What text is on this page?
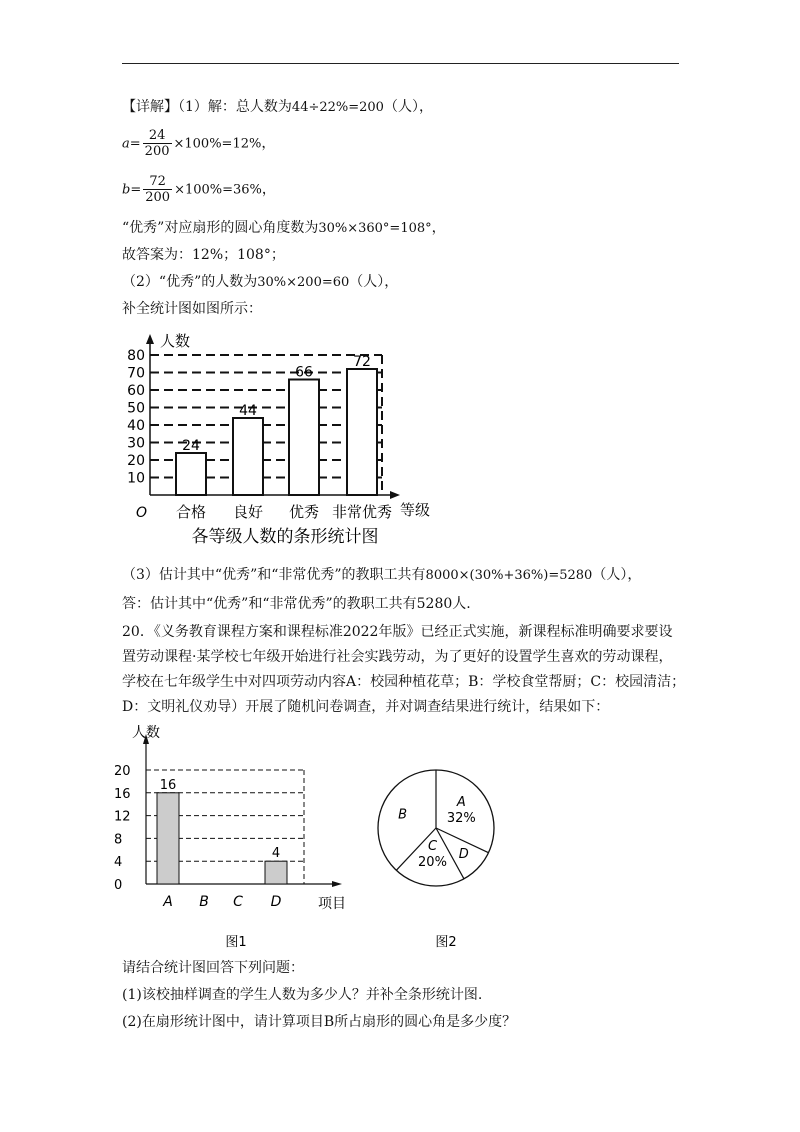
【详解】（1）解：总人数为44÷22%=200（人），
$a= \frac{24}{200} \times 100\%=12\%$，
$b= \frac{72}{200} \times 100\%=36\%$，
“优秀”对应扇形的圆心角度数为30%×360°=108°，
故答案为：12%；108°；
（2）“优秀”的人数为30%×200=60（人），
补全统计图如图所示：
10
20
30
40
50
60
70
80
人数
等级
O
24
合格
44
良好
66
优秀
72
非常优秀
各等级人数的条形统计图
（3）估计其中“优秀”和“非常优秀”的教职工共有8000×(30%+36%)=5280（人），
答：估计其中“优秀”和“非常优秀”的教职工共有5280人.
20．《义务教育课程方案和课程标准2022年版》已经正式实施，新课程标准明确要求要设
置劳动课程·某学校七年级开始进行社会实践劳动，为了更好的设置学生喜欢的劳动课程，
学校在七年级学生中对四项劳动内容A：校园种植花草；B：学校食堂帮厨；C：校园清洁；
D：文明礼仪劝导）开展了随机问卷调查，并对调查结果进行统计，结果如下：
0
4
8
12
16
20
人数
项目
16
A B C
4
D
图1
A
32%
B
C
20%
D
图2
请结合统计图回答下列问题：
(1)该校抽样调查的学生人数为多少人？并补全条形统计图.
(2)在扇形统计图中，请计算项目B所占扇形的圆心角是多少度？
